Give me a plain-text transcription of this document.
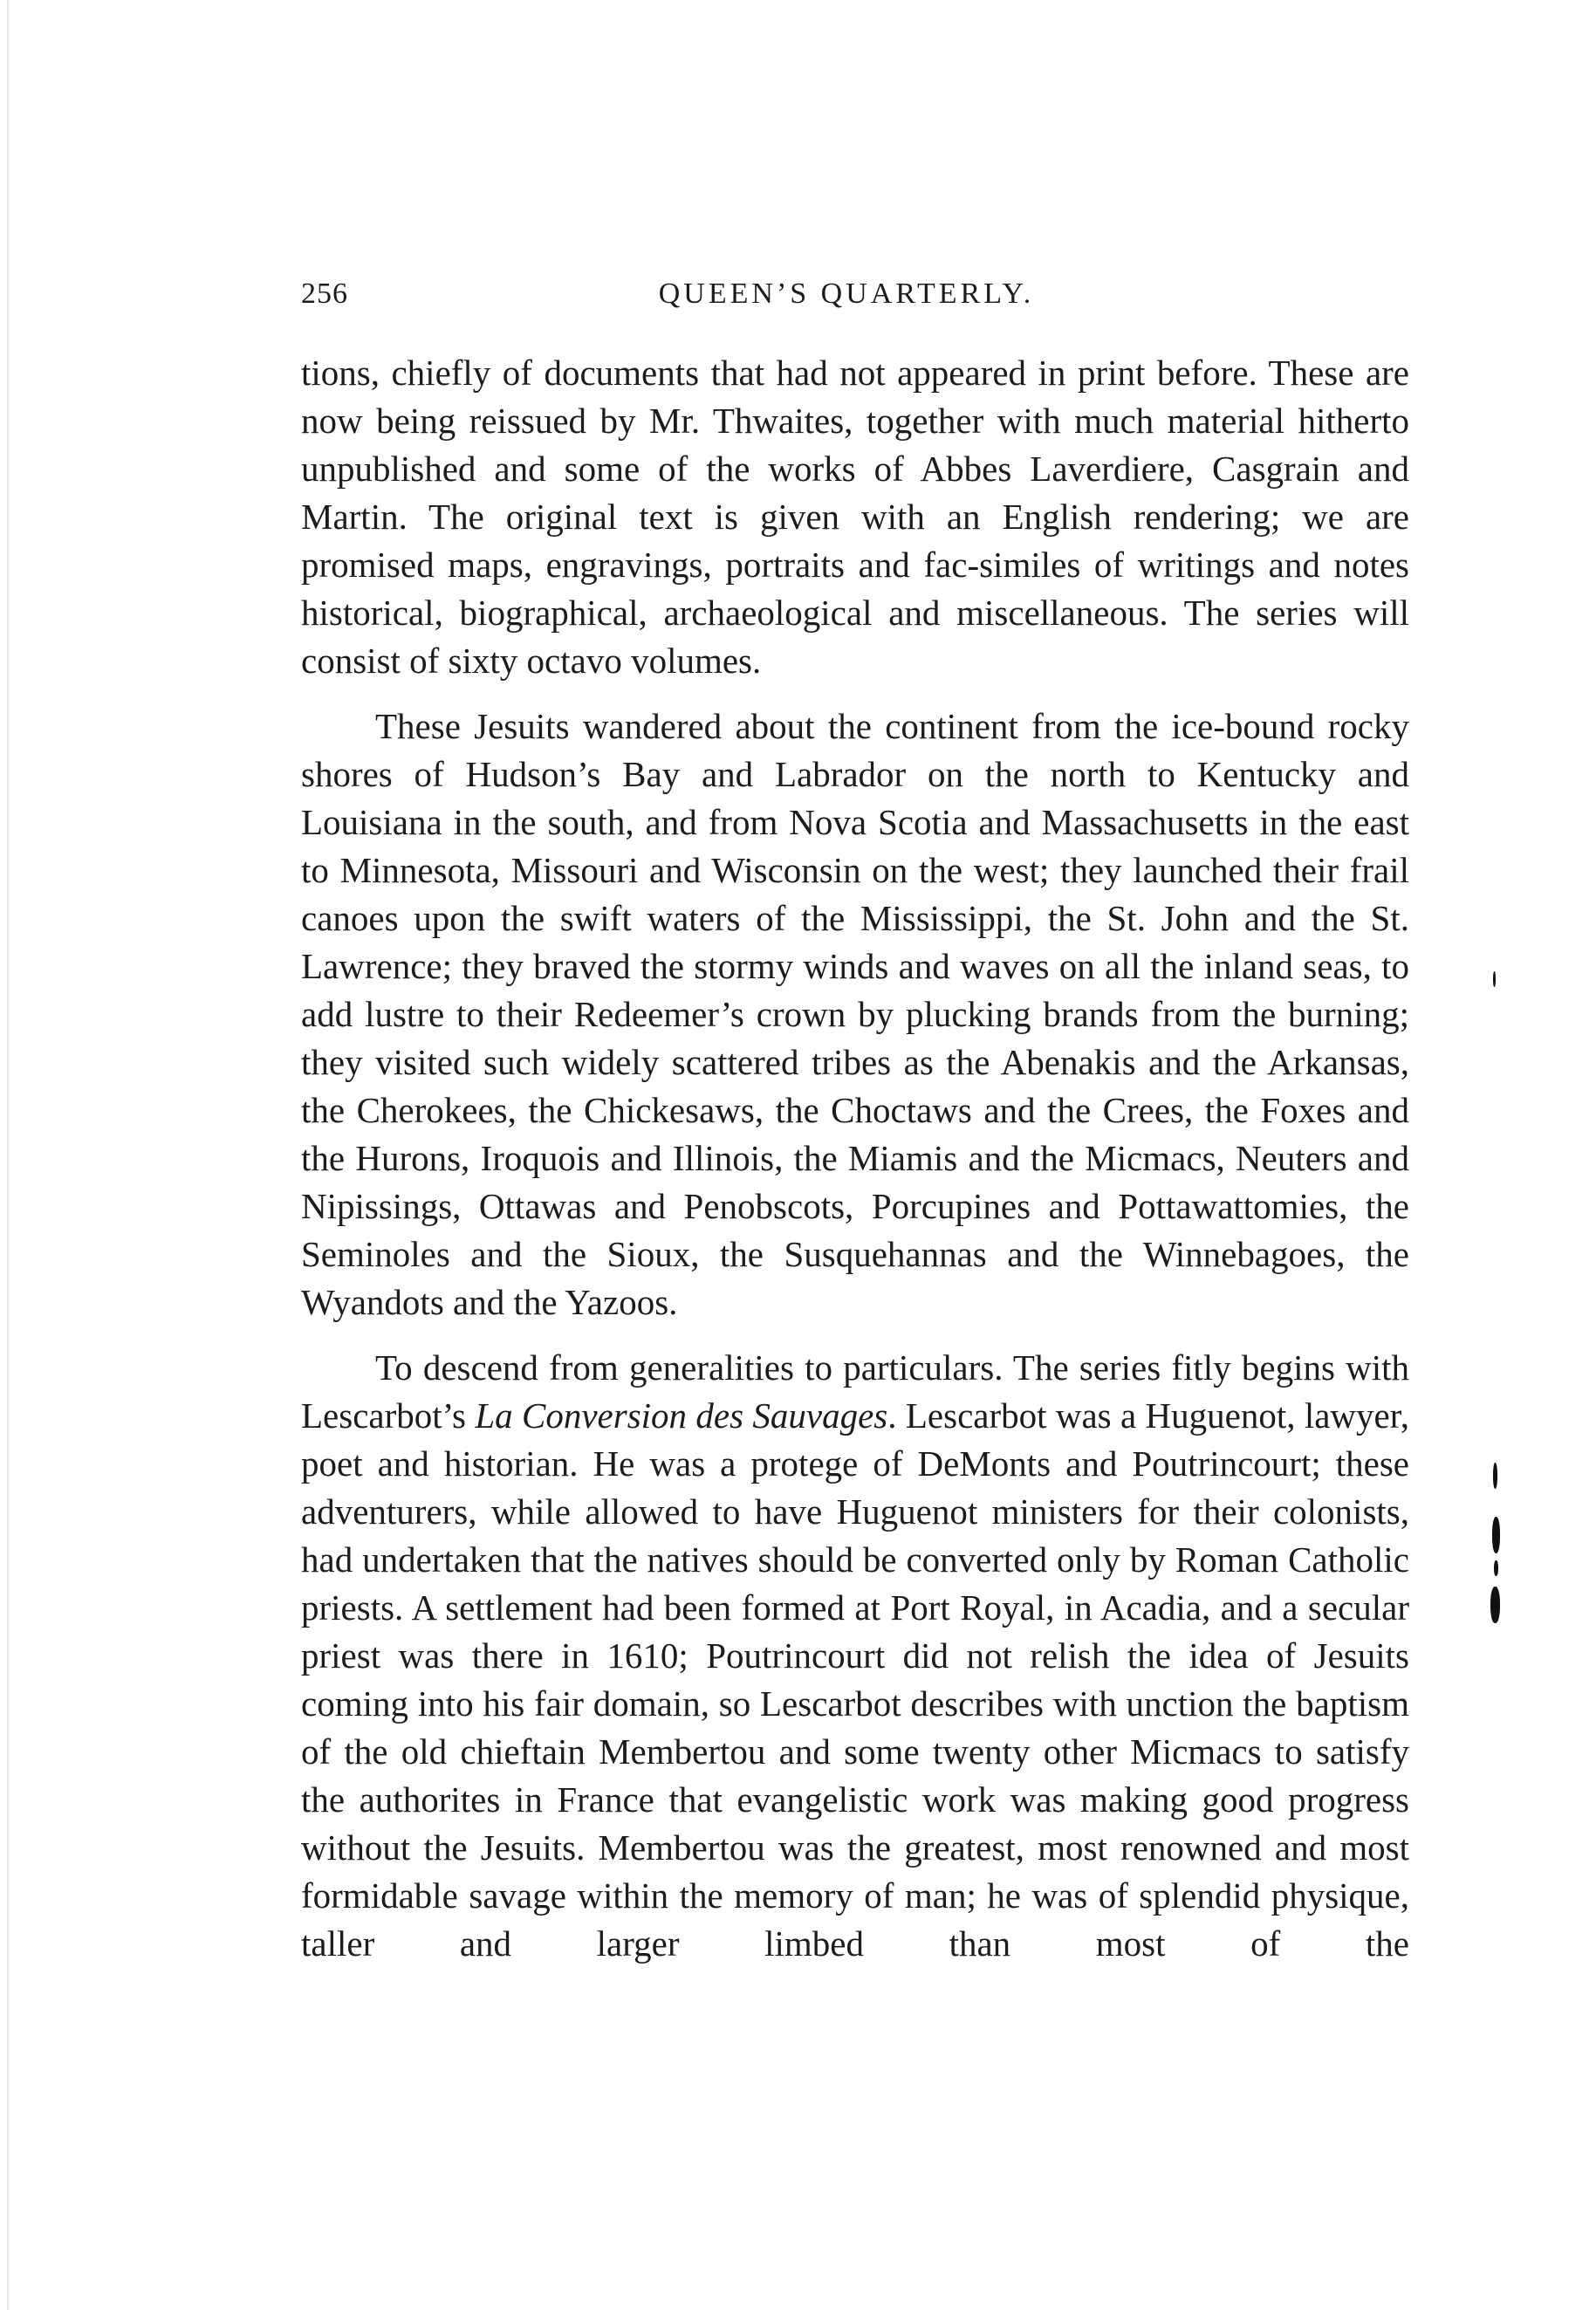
256	QUEEN’S QUARTERLY.

tions, chiefly of documents that had not appeared in print before. These are now being reissued by Mr. Thwaites, together with much material hitherto unpublished and some of the works of Abbes Laverdiere, Casgrain and Martin. The original text is given with an English rendering; we are promised maps, engravings, portraits and fac-similes of writings and notes historical, biographical, archaeological and miscellaneous. The series will consist of sixty octavo volumes.

These Jesuits wandered about the continent from the ice-bound rocky shores of Hudson’s Bay and Labrador on the north to Kentucky and Louisiana in the south, and from Nova Scotia and Massachusetts in the east to Minnesota, Missouri and Wisconsin on the west; they launched their frail canoes upon the swift waters of the Mississippi, the St. John and the St. Lawrence; they braved the stormy winds and waves on all the inland seas, to add lustre to their Redeemer’s crown by plucking brands from the burning; they visited such widely scattered tribes as the Abenakis and the Arkansas, the Cherokees, the Chickesaws, the Choctaws and the Crees, the Foxes and the Hurons, Iroquois and Illinois, the Miamis and the Micmacs, Neuters and Nipissings, Ottawas and Penobscots, Porcupines and Pottawattomies, the Seminoles and the Sioux, the Susquehannas and the Winnebagoes, the Wyandots and the Yazoos.

To descend from generalities to particulars. The series fitly begins with Lescarbot’s La Conversion des Sauvages. Lescarbot was a Huguenot, lawyer, poet and historian. He was a protege of DeMonts and Poutrincourt; these adventurers, while allowed to have Huguenot ministers for their colonists, had undertaken that the natives should be converted only by Roman Catholic priests. A settlement had been formed at Port Royal, in Acadia, and a secular priest was there in 1610; Poutrincourt did not relish the idea of Jesuits coming into his fair domain, so Lescarbot describes with unction the baptism of the old chieftain Membertou and some twenty other Micmacs to satisfy the authorites in France that evangelistic work was making good progress without the Jesuits. Membertou was the greatest, most renowned and most formidable savage within the memory of man; he was of splendid physique, taller and larger limbed than most of the
